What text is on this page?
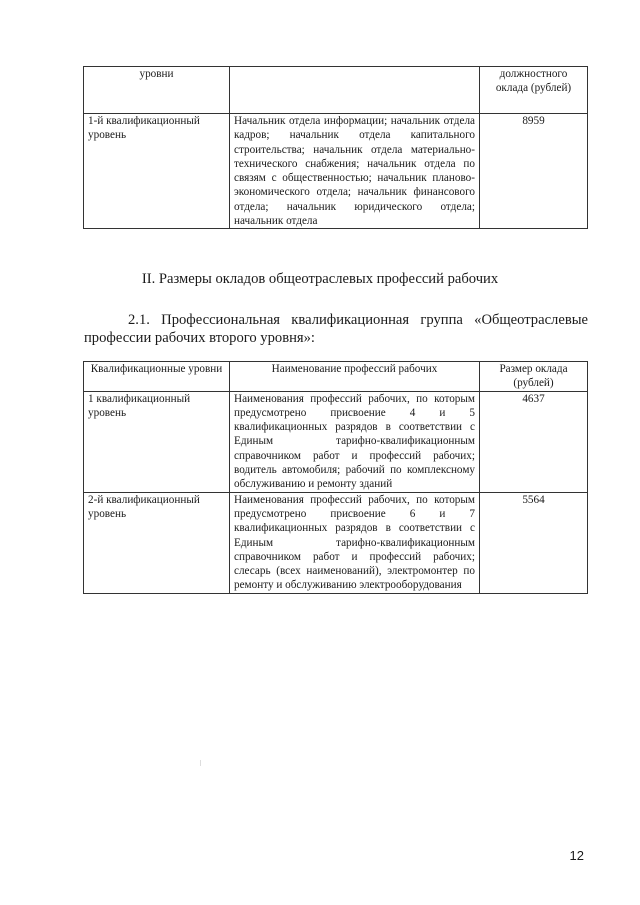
уровни		должностного оклада (рублей)
1-й квалификационный уровень	Начальник отдела информации; начальник отдела кадров; начальник отдела капитального строительства; начальник отдела материально-технического снабжения; начальник отдела по связям с общественностью; начальник планово-экономического отдела; начальник финансового отдела; начальник юридического отдела; начальник отдела	8959
II. Размеры окладов общеотраслевых профессий рабочих
2.1. Профессиональная квалификационная группа «Общеотраслевые профессии рабочих второго уровня»:
Квалификационные уровни	Наименование профессий рабочих	Размер оклада (рублей)
1 квалификационный уровень	Наименования профессий рабочих, по которым предусмотрено присвоение 4 и 5 квалификационных разрядов в соответствии с Единым тарифно-квалификационным справочником работ и профессий рабочих; водитель автомобиля; рабочий по комплексному обслуживанию и ремонту зданий	4637
2-й квалификационный уровень	Наименования профессий рабочих, по которым предусмотрено присвоение 6 и 7 квалификационных разрядов в соответствии с Единым тарифно-квалификационным справочником работ и профессий рабочих; слесарь (всех наименований), электромонтер по ремонту и обслуживанию электрооборудования	5564
12
